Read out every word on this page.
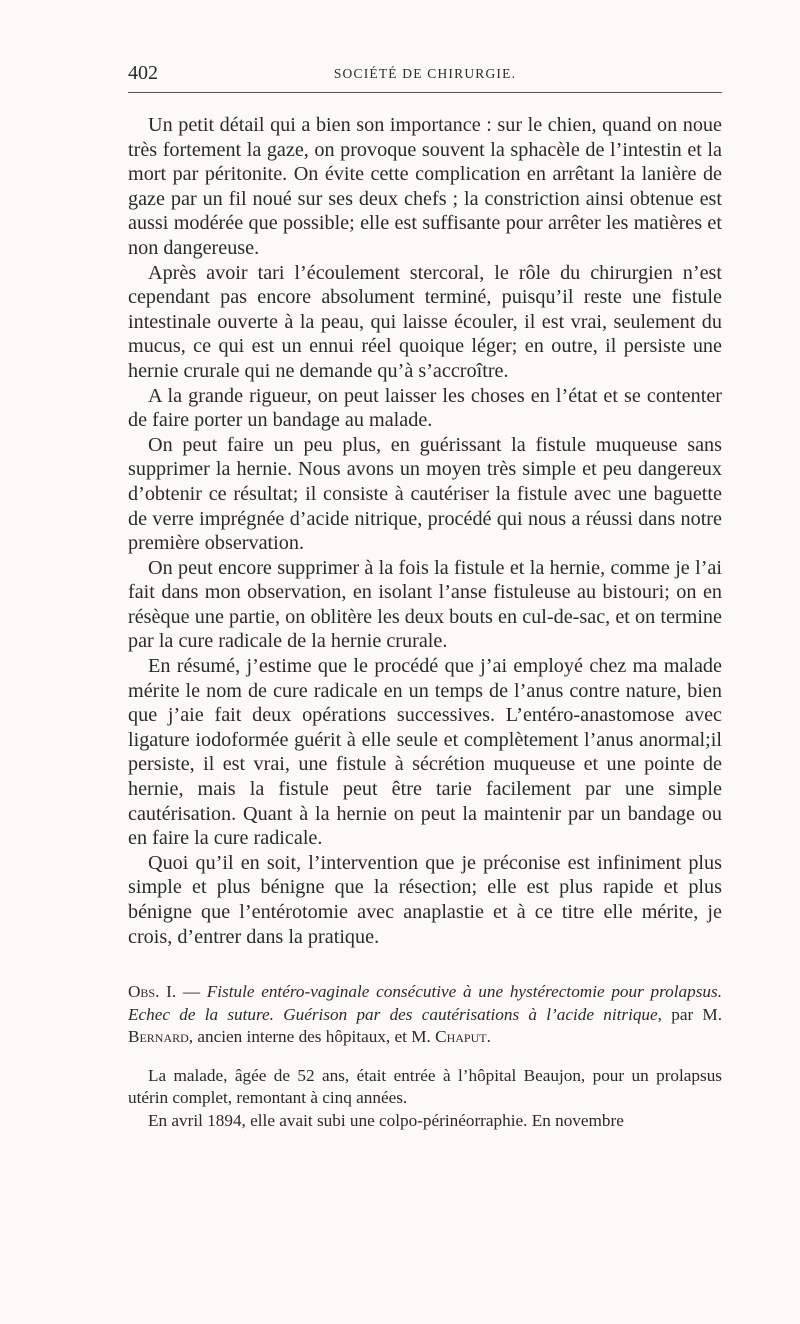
402	SOCIÉTÉ DE CHIRURGIE.

Un petit détail qui a bien son importance : sur le chien, quand on noue très fortement la gaze, on provoque souvent la sphacèle de l’intestin et la mort par péritonite. On évite cette complication en arrêtant la lanière de gaze par un fil noué sur ses deux chefs ; la constriction ainsi obtenue est aussi modérée que possible; elle est suffisante pour arrêter les matières et non dangereuse.

Après avoir tari l’écoulement stercoral, le rôle du chirurgien n’est cependant pas encore absolument terminé, puisqu’il reste une fistule intestinale ouverte à la peau, qui laisse écouler, il est vrai, seulement du mucus, ce qui est un ennui réel quoique léger; en outre, il persiste une hernie crurale qui ne demande qu’à s’accroître.

A la grande rigueur, on peut laisser les choses en l’état et se contenter de faire porter un bandage au malade.

On peut faire un peu plus, en guérissant la fistule muqueuse sans supprimer la hernie. Nous avons un moyen très simple et peu dangereux d’obtenir ce résultat; il consiste à cautériser la fistule avec une baguette de verre imprégnée d’acide nitrique, procédé qui nous a réussi dans notre première observation.

On peut encore supprimer à la fois la fistule et la hernie, comme je l’ai fait dans mon observation, en isolant l’anse fistuleuse au bistouri; on en résèque une partie, on oblitère les deux bouts en cul-de-sac, et on termine par la cure radicale de la hernie crurale.

En résumé, j’estime que le procédé que j’ai employé chez ma malade mérite le nom de cure radicale en un temps de l’anus contre nature, bien que j’aie fait deux opérations successives. L’entéro-anastomose avec ligature iodoformée guérit à elle seule et complètement l’anus anormal;il persiste, il est vrai, une fistule à sécrétion muqueuse et une pointe de hernie, mais la fistule peut être tarie facilement par une simple cautérisation. Quant à la hernie on peut la maintenir par un bandage ou en faire la cure radicale.

Quoi qu’il en soit, l’intervention que je préconise est infiniment plus simple et plus bénigne que la résection; elle est plus rapide et plus bénigne que l’entérotomie avec anaplastie et à ce titre elle mérite, je crois, d’entrer dans la pratique.

Obs. I. — Fistule entéro-vaginale consécutive à une hystérectomie pour prolapsus. Echec de la suture. Guérison par des cautérisations à l’acide nitrique, par M. Bernard, ancien interne des hôpitaux, et M. Chaput.

La malade, âgée de 52 ans, était entrée à l’hôpital Beaujon, pour un prolapsus utérin complet, remontant à cinq années.

En avril 1894, elle avait subi une colpo-périnéorraphie. En novembre
